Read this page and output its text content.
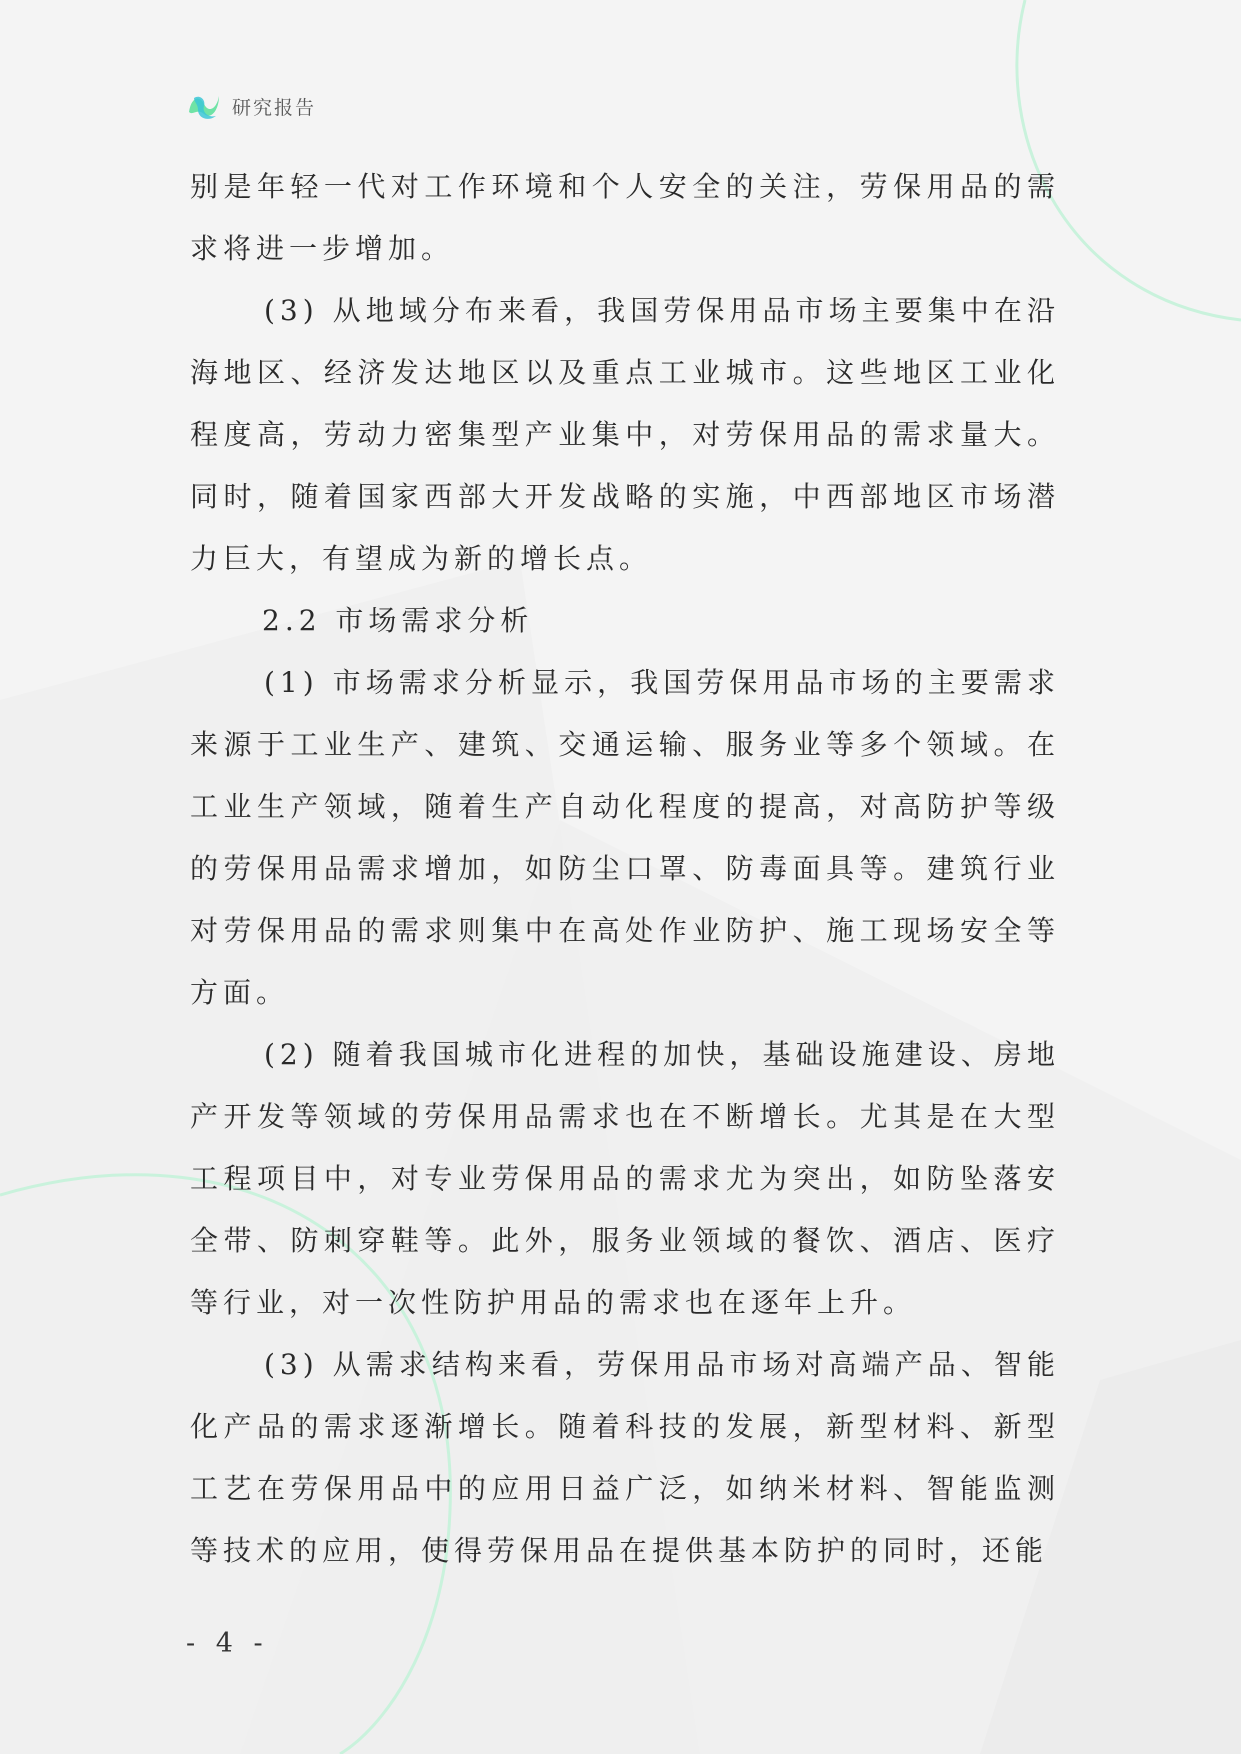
研究报告

别是年轻一代对工作环境和个人安全的关注，劳保用品的需求将进一步增加。

(3) 从地域分布来看，我国劳保用品市场主要集中在沿海地区、经济发达地区以及重点工业城市。这些地区工业化程度高，劳动力密集型产业集中，对劳保用品的需求量大。同时，随着国家西部大开发战略的实施，中西部地区市场潜力巨大，有望成为新的增长点。

2.2 市场需求分析

(1) 市场需求分析显示，我国劳保用品市场的主要需求来源于工业生产、建筑、交通运输、服务业等多个领域。在工业生产领域，随着生产自动化程度的提高，对高防护等级的劳保用品需求增加，如防尘口罩、防毒面具等。建筑行业对劳保用品的需求则集中在高处作业防护、施工现场安全等方面。

(2) 随着我国城市化进程的加快，基础设施建设、房地产开发等领域的劳保用品需求也在不断增长。尤其是在大型工程项目中，对专业劳保用品的需求尤为突出，如防坠落安全带、防刺穿鞋等。此外，服务业领域的餐饮、酒店、医疗等行业，对一次性防护用品的需求也在逐年上升。

(3) 从需求结构来看，劳保用品市场对高端产品、智能化产品的需求逐渐增长。随着科技的发展，新型材料、新型工艺在劳保用品中的应用日益广泛，如纳米材料、智能监测等技术的应用，使得劳保用品在提供基本防护的同时，还能

- 4 -
